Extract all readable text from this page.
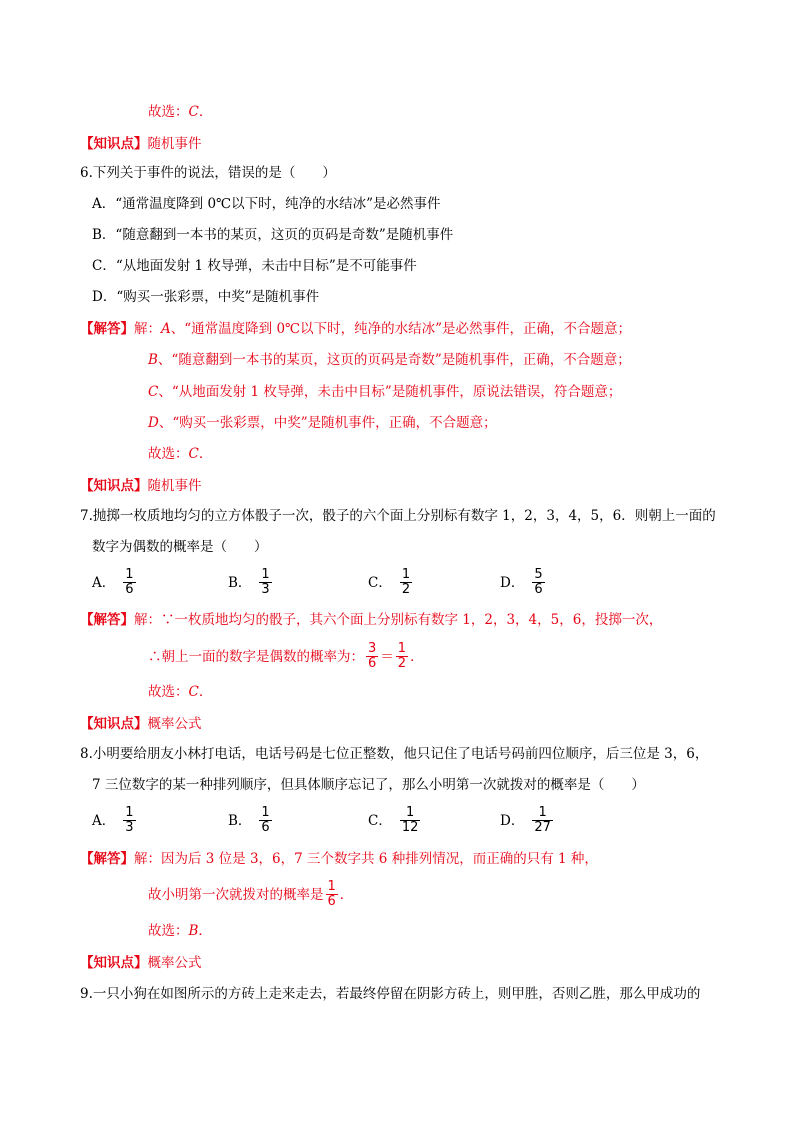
故选：C．
【知识点】随机事件
6.下列关于事件的说法，错误的是（　　）
A．“通常温度降到 0℃以下时，纯净的水结冰”是必然事件
B．“随意翻到一本书的某页，这页的页码是奇数”是随机事件
C．“从地面发射 1 枚导弹，未击中目标”是不可能事件
D．“购买一张彩票，中奖”是随机事件
【解答】解：A、“通常温度降到 0℃以下时，纯净的水结冰”是必然事件，正确，不合题意；
B、“随意翻到一本书的某页，这页的页码是奇数”是随机事件，正确，不合题意；
C、“从地面发射 1 枚导弹，未击中目标”是随机事件，原说法错误，符合题意；
D、“购买一张彩票，中奖”是随机事件，正确，不合题意；
故选：C．
【知识点】随机事件
7.抛掷一枚质地均匀的立方体骰子一次，骰子的六个面上分别标有数字 1，2，3，4，5，6．则朝上一面的
数字为偶数的概率是（　　）
A． $\frac{1}{6}$	B． $\frac{1}{3}$	C． $\frac{1}{2}$	D． $\frac{5}{6}$
【解答】解：∵一枚质地均匀的骰子，其六个面上分别标有数字 1，2，3，4，5，6，投掷一次，
∴朝上一面的数字是偶数的概率为： $\frac{3}{6} = \frac{1}{2}$ ．
故选：C．
【知识点】概率公式
8.小明要给朋友小林打电话，电话号码是七位正整数，他只记住了电话号码前四位顺序，后三位是 3，6，
7 三位数字的某一种排列顺序，但具体顺序忘记了，那么小明第一次就拨对的概率是（　　）
A． $\frac{1}{3}$	B． $\frac{1}{6}$	C． $\frac{1}{12}$	D． $\frac{1}{27}$
【解答】解：因为后 3 位是 3，6，7 三个数字共 6 种排列情况，而正确的只有 1 种，
故小明第一次就拨对的概率是 $\frac{1}{6}$ ．
故选：B．
【知识点】概率公式
9.一只小狗在如图所示的方砖上走来走去，若最终停留在阴影方砖上，则甲胜，否则乙胜，那么甲成功的
